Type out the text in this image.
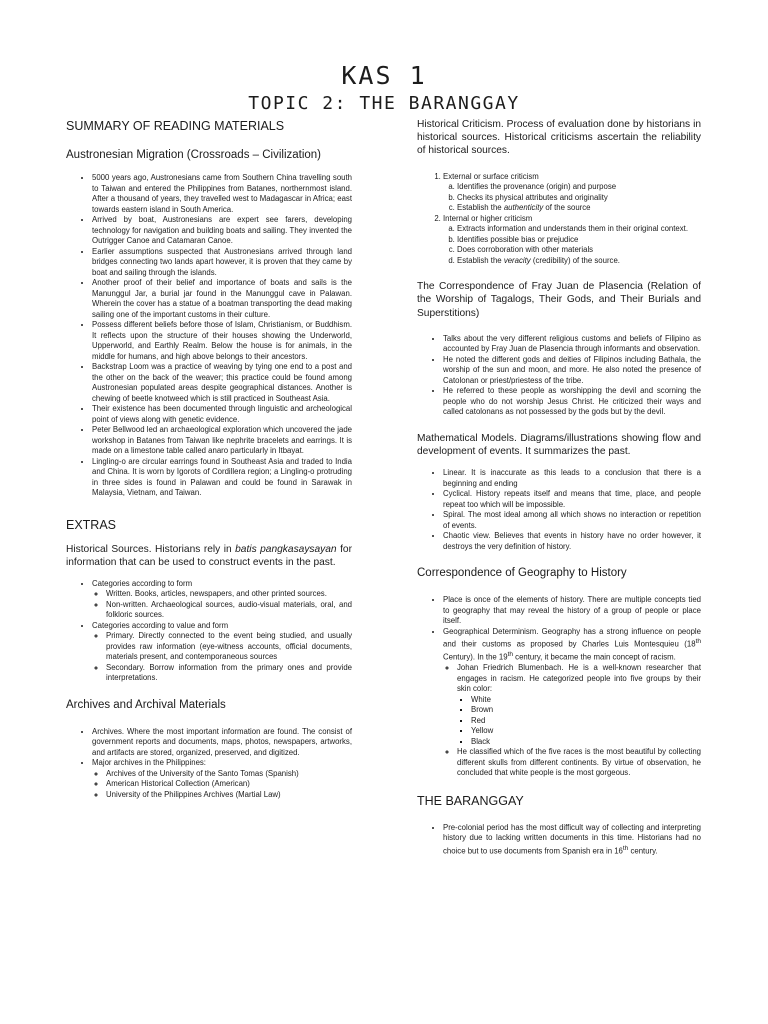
KAS 1
TOPIC 2: THE BARANGGAY
SUMMARY OF READING MATERIALS
Austronesian Migration (Crossroads – Civilization)
• 5000 years ago, Austronesians came from Southern China travelling south to Taiwan and entered the Philippines from Batanes, northernmost island. After a thousand of years, they travelled west to Madagascar in Africa; east towards eastern island in South America.
• Arrived by boat, Austronesians are expert see farers, developing technology for navigation and building boats and sailing. They invented the Outrigger Canoe and Catamaran Canoe.
• Earlier assumptions suspected that Austronesians arrived through land bridges connecting two lands apart however, it is proven that they came by boat and sailing through the islands.
• Another proof of their belief and importance of boats and sails is the Manunggul Jar, a burial jar found in the Manunggul cave in Palawan. Wherein the cover has a statue of a boatman transporting the dead making sailing one of the important customs in their culture.
• Possess different beliefs before those of Islam, Christianism, or Buddhism. It reflects upon the structure of their houses showing the Underworld, Upperworld, and Earthly Realm. Below the house is for animals, in the middle for humans, and high above belongs to their ancestors.
• Backstrap Loom was a practice of weaving by tying one end to a post and the other on the back of the weaver; this practice could be found among Austronesian populated areas despite geographical distances. Another is chewing of beetle knotweed which is still practiced in Southeast Asia.
• Their existence has been documented through linguistic and archeological point of views along with genetic evidence.
• Peter Bellwood led an archaeological exploration which uncovered the jade workshop in Batanes from Taiwan like nephrite bracelets and earrings. It is made on a limestone table called anaro particularly in Itbayat.
• Lingling-o are circular earrings found in Southeast Asia and traded to India and China. It is worn by Igorots of Cordillera region; a Lingling-o protruding in three sides is found in Palawan and could be found in Sarawak in Malaysia, Vietnam, and Taiwan.
EXTRAS

Historical Sources. Historians rely in batis pangkasaysayan for information that can be used to construct events in the past.

• Categories according to form
◦ Written. Books, articles, newspapers, and other printed sources.
◦ Non-written. Archaeological sources, audio-visual materials, oral, and folkloric sources.
• Categories according to value and form
◦ Primary. Directly connected to the event being studied, and usually provides raw information (eye-witness accounts, official documents, materials present, and contemporaneous sources
◦ Secondary. Borrow information from the primary ones and provide interpretations.
Archives and Archival Materials
• Archives. Where the most important information are found. The consist of government reports and documents, maps, photos, newspapers, artworks, and artifacts are stored, organized, preserved, and digitized.
• Major archives in the Philippines:
◦ Archives of the University of the Santo Tomas (Spanish)
◦ American Historical Collection (American)
◦ University of the Philippines Archives (Martial Law)

Historical Criticism. Process of evaluation done by historians in historical sources. Historical criticisms ascertain the reliability of historical sources.

1. External or surface criticism
a. Identifies the provenance (origin) and purpose
b. Checks its physical attributes and originality
c. Establish the authenticity of the source
2. Internal or higher criticism
a. Extracts information and understands them in their original context.
b. Identifies possible bias or prejudice
c. Does corroboration with other materials
d. Establish the veracity (credibility) of the source.

The Correspondence of Fray Juan de Plasencia (Relation of the Worship of Tagalogs, Their Gods, and Their Burials and Superstitions)

• Talks about the very different religious customs and beliefs of Filipino as accounted by Fray Juan de Plasencia through informants and observation.
• He noted the different gods and deities of Filipinos including Bathala, the worship of the sun and moon, and more. He also noted the presence of Catolonan or priest/priestess of the tribe.
• He referred to these people as worshipping the devil and scorning the people who do not worship Jesus Christ. He criticized their ways and called catolonans as not possessed by the gods but by the devil.

Mathematical Models. Diagrams/illustrations showing flow and development of events. It summarizes the past.

• Linear. It is inaccurate as this leads to a conclusion that there is a beginning and ending
• Cyclical. History repeats itself and means that time, place, and people repeat too which will be impossible.
• Spiral. The most ideal among all which shows no interaction or repetition of events.
• Chaotic view. Believes that events in history have no order however, it destroys the very definition of history.
Correspondence of Geography to History
• Place is once of the elements of history. There are multiple concepts tied to geography that may reveal the history of a group of people or place itself.
• Geographical Determinism. Geography has a strong influence on people and their customs as proposed by Charles Luis Montesquieu (18th Century). In the 19th century, it became the main concept of racism.
◦ Johan Friedrich Blumenbach. He is a well-known researcher that engages in racism. He categorized people into five groups by their skin color:
▪ White
▪ Brown
▪ Red
▪ Yellow
▪ Black
◦ He classified which of the five races is the most beautiful by collecting different skulls from different continents. By virtue of observation, he concluded that white people is the most gorgeous.
THE BARANGGAY
• Pre-colonial period has the most difficult way of collecting and interpreting history due to lacking written documents in this time. Historians had no choice but to use documents from Spanish era in 16th century.
